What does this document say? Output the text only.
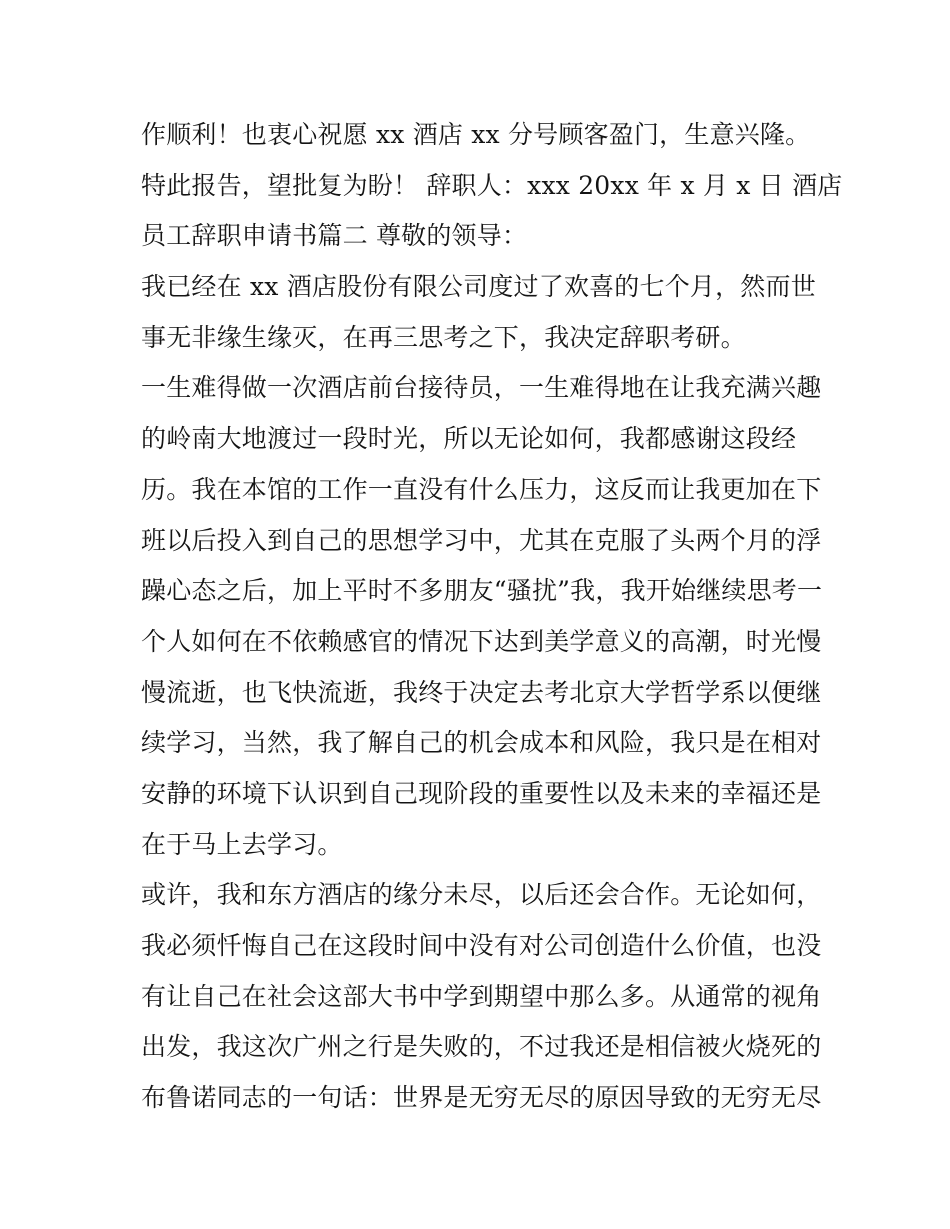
作顺利！也衷心祝愿 xx 酒店 xx 分号顾客盈门，生意兴隆。
特此报告，望批复为盼！ 辞职人：xxx 20xx 年 x 月 x 日 酒店
员工辞职申请书篇二 尊敬的领导：
我已经在 xx 酒店股份有限公司度过了欢喜的七个月，然而世
事无非缘生缘灭，在再三思考之下，我决定辞职考研。
一生难得做一次酒店前台接待员，一生难得地在让我充满兴趣
的岭南大地渡过一段时光，所以无论如何，我都感谢这段经
历。我在本馆的工作一直没有什么压力，这反而让我更加在下
班以后投入到自己的思想学习中，尤其在克服了头两个月的浮
躁心态之后，加上平时不多朋友“骚扰”我，我开始继续思考一
个人如何在不依赖感官的情况下达到美学意义的高潮，时光慢
慢流逝，也飞快流逝，我终于决定去考北京大学哲学系以便继
续学习，当然，我了解自己的机会成本和风险，我只是在相对
安静的环境下认识到自己现阶段的重要性以及未来的幸福还是
在于马上去学习。
或许，我和东方酒店的缘分未尽，以后还会合作。无论如何，
我必须忏悔自己在这段时间中没有对公司创造什么价值，也没
有让自己在社会这部大书中学到期望中那么多。从通常的视角
出发，我这次广州之行是失败的，不过我还是相信被火烧死的
布鲁诺同志的一句话：世界是无穷无尽的原因导致的无穷无尽
